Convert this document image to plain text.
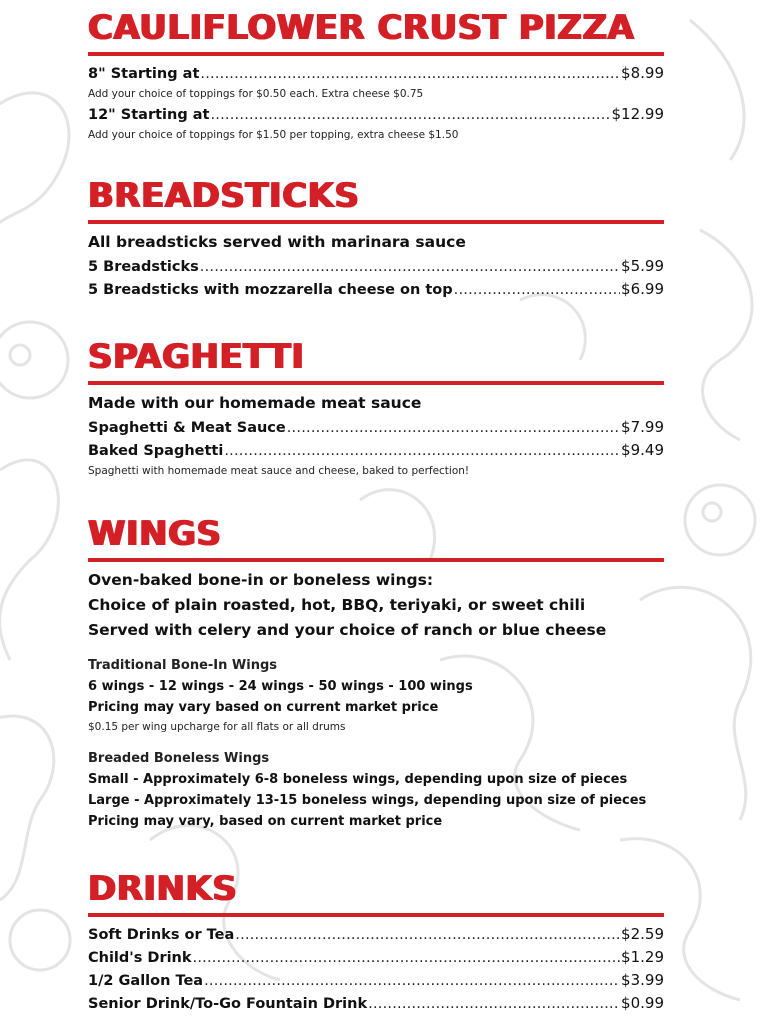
CAULIFLOWER CRUST PIZZA
8" Starting at . . .	$8.99
Add your choice of toppings for $0.50 each. Extra cheese $0.75
12" Starting at . . .	$12.99
Add your choice of toppings for $1.50 per topping, extra cheese $1.50
BREADSTICKS
All breadsticks served with marinara sauce
5 Breadsticks . . .	$5.99
5 Breadsticks with mozzarella cheese on top . . .	$6.99
SPAGHETTI
Made with our homemade meat sauce
Spaghetti & Meat Sauce . . .	$7.99
Baked Spaghetti . . .	$9.49
Spaghetti with homemade meat sauce and cheese, baked to perfection!
WINGS
Oven-baked bone-in or boneless wings:
Choice of plain roasted, hot, BBQ, teriyaki, or sweet chili
Served with celery and your choice of ranch or blue cheese
Traditional Bone-In Wings
6 wings - 12 wings - 24 wings - 50 wings - 100 wings
Pricing may vary based on current market price
$0.15 per wing upcharge for all flats or all drums
Breaded Boneless Wings
Small - Approximately 6-8 boneless wings, depending upon size of pieces
Large - Approximately 13-15 boneless wings, depending upon size of pieces
Pricing may vary, based on current market price
DRINKS
Soft Drinks or Tea . . .	$2.59
Child's Drink . . .	$1.29
1/2 Gallon Tea . . .	$3.99
Senior Drink/To-Go Fountain Drink . . .	$0.99
